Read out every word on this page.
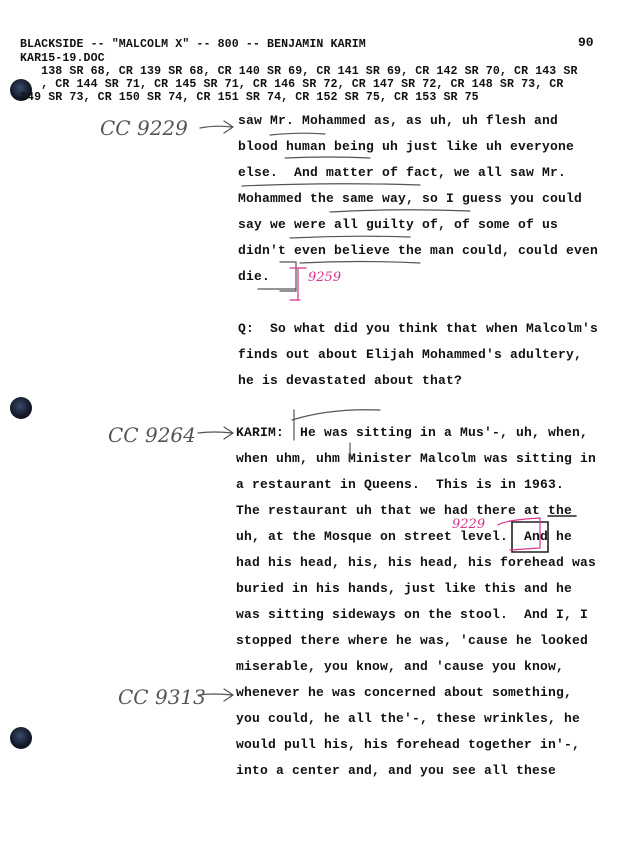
BLACKSIDE -- "MALCOLM X" -- 800 -- BENJAMIN KARIM	90
KAR15-19.DOC
138 SR 68, CR 139 SR 68, CR 140 SR 69, CR 141 SR 69, CR 142 SR 70, CR 143 SR
, CR 144 SR 71, CR 145 SR 71, CR 146 SR 72, CR 147 SR 72, CR 148 SR 73, CR
149 SR 73, CR 150 SR 74, CR 151 SR 74, CR 152 SR 75, CR 153 SR 75
saw Mr. Mohammed as, as uh, uh flesh and
blood human being uh just like uh everyone
else.  And matter of fact, we all saw Mr.
Mohammed the same way, so I guess you could
say we were all guilty of, of some of us
didn't even believe the man could, could even
die.
Q:  So what did you think that when Malcolm's
finds out about Elijah Mohammed's adultery,
he is devastated about that?
KARIM:  He was sitting in a Mus'-, uh, when,
when uhm, uhm Minister Malcolm was sitting in
a restaurant in Queens.  This is in 1963.
The restaurant uh that we had there at the
uh, at the Mosque on street level.  And he
had his head, his, his head, his forehead was
buried in his hands, just like this and he
was sitting sideways on the stool.  And I, I
stopped there where he was, 'cause he looked
miserable, you know, and 'cause you know,
whenever he was concerned about something,
you could, he all the'-, these wrinkles, he
would pull his, his forehead together in'-,
into a center and, and you see all these
CC 9229
CC 9264
CC 9313
9259
9229
